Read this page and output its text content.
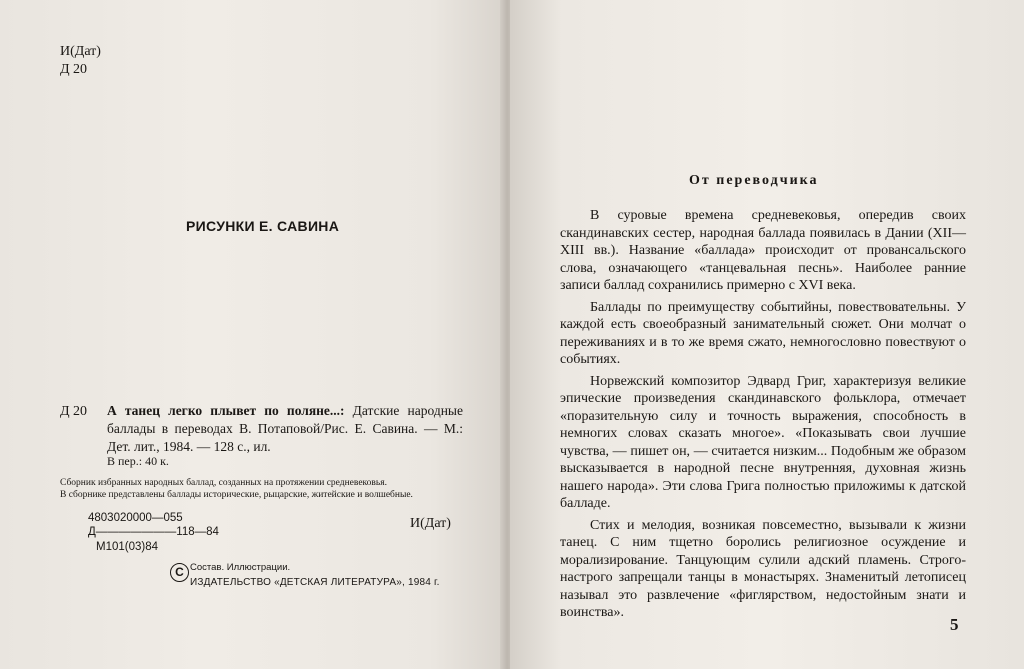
И(Дат)
Д 20
РИСУНКИ Е. САВИНА
Д 20 А танец легко плывет по поляне...: Датские народные баллады в переводах В. Потаповой/Рис. Е. Савина. — М.: Дет. лит., 1984. — 128 с., ил.
В пер.: 40 к.
Сборник избранных народных баллад, созданных на протяжении средневековья.
В сборнике представлены баллады исторические, рыцарские, житейские и волшебные.
4803020000—055
Д———————118—84
М101(03)84
И(Дат)
С Состав. Иллюстрации.
ИЗДАТЕЛЬСТВО «ДЕТСКАЯ ЛИТЕРАТУРА», 1984 г.
От переводчика

В суровые времена средневековья, опередив своих скандинавских сестер, народная баллада появилась в Дании (XII—XIII вв.). Название «баллада» происходит от провансальского слова, означающего «танцевальная песнь». Наиболее ранние записи баллад сохранились примерно с XVI века.

Баллады по преимуществу событийны, повествовательны. У каждой есть своеобразный занимательный сюжет. Они молчат о переживаниях и в то же время сжато, немногословно повествуют о событиях.

Норвежский композитор Эдвард Григ, характеризуя великие эпические произведения скандинавского фольклора, отмечает «поразительную силу и точность выражения, способность в немногих словах сказать многое». «Показывать свои лучшие чувства, — пишет он, — считается низким... Подобным же образом высказывается в народной песне внутренняя, духовная жизнь нашего народа». Эти слова Грига полностью приложимы к датской балладе.

Стих и мелодия, возникая повсеместно, вызывали к жизни танец. С ним тщетно боролись религиозное осуждение и морализирование. Танцующим сулили адский пламень. Строго-настрого запрещали танцы в монастырях. Знаменитый летописец называл это развлечение «фиглярством, недостойным знати и воинства».

5
